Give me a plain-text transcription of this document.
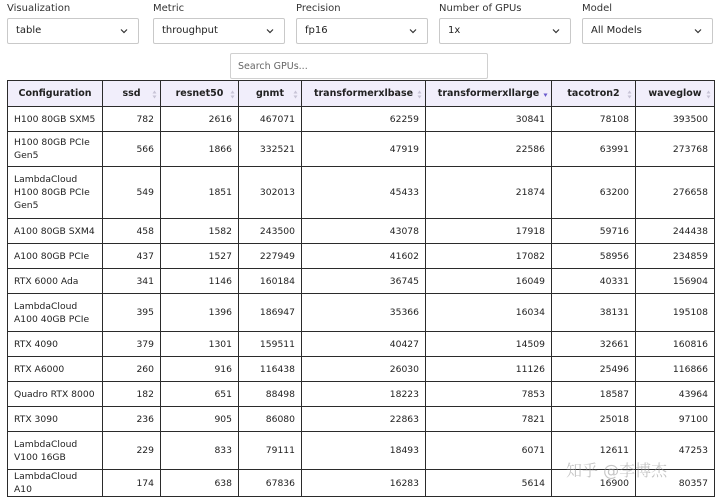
Visualization
table
Metric
throughput
Precision
fp16
Number of GPUs
1x
Model
All Models
Search GPUs...
Configuration	ssd	resnet50	gnmt	transformerxlbase	transformerxllarge	tacotron2	waveglow

H100 80GB SXM5	782	2616	467071	62259	30841	78108	393500
H100 80GB PCIe Gen5	566	1866	332521	47919	22586	63991	273768
LambdaCloud H100 80GB PCIe Gen5	549	1851	302013	45433	21874	63200	276658
A100 80GB SXM4	458	1582	243500	43078	17918	59716	244438
A100 80GB PCIe	437	1527	227949	41602	17082	58956	234859
RTX 6000 Ada	341	1146	160184	36745	16049	40331	156904
LambdaCloud A100 40GB PCIe	395	1396	186947	35366	16034	38131	195108
RTX 4090	379	1301	159511	40427	14509	32661	160816
RTX A6000	260	916	116438	26030	11126	25496	116866
Quadro RTX 8000	182	651	88498	18223	7853	18587	43964
RTX 3090	236	905	86080	22863	7821	25018	97100
LambdaCloud V100 16GB	229	833	79111	18493	6071	12611	47253
LambdaCloud A10	174	638	67836	16283	5614	16900	80357
知乎 @李博杰
